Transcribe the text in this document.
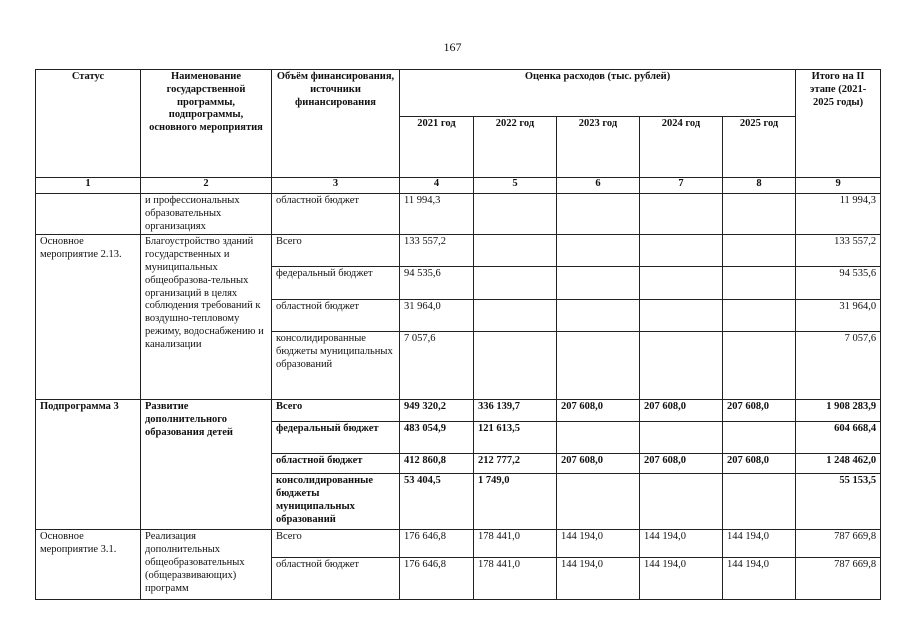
167
Статус	Наименование государственной программы, подпрограммы, основного мероприятия	Объём финансирования, источники финансирования	Оценка расходов (тыс. рублей)					Итого на II этапе (2021-2025 годы)
			2021 год	2022 год	2023 год	2024 год	2025 год	
1	2	3	4	5	6	7	8	9
	и профессиональных образовательных организациях	областной бюджет	11 994,3					11 994,3
Основное мероприятие 2.13.	Благоустройство зданий государственных и муниципальных общеобразова-тельных организаций в целях соблюдения требований к воздушно-тепловому режиму, водоснабжению и канализации	Всего	133 557,2					133 557,2
		федеральный бюджет	94 535,6					94 535,6
		областной бюджет	31 964,0					31 964,0
		консолидированные бюджеты муниципальных образований	7 057,6					7 057,6
Подпрограмма 3	Развитие дополнительного образования детей	Всего	949 320,2	336 139,7	207 608,0	207 608,0	207 608,0	1 908 283,9
		федеральный бюджет	483 054,9	121 613,5				604 668,4
		областной бюджет	412 860,8	212 777,2	207 608,0	207 608,0	207 608,0	1 248 462,0
		консолидированные бюджеты муниципальных образований	53 404,5	1 749,0				55 153,5
Основное мероприятие 3.1.	Реализация дополнительных общеобразовательных (общеразвивающих) программ	Всего	176 646,8	178 441,0	144 194,0	144 194,0	144 194,0	787 669,8
		областной бюджет	176 646,8	178 441,0	144 194,0	144 194,0	144 194,0	787 669,8
